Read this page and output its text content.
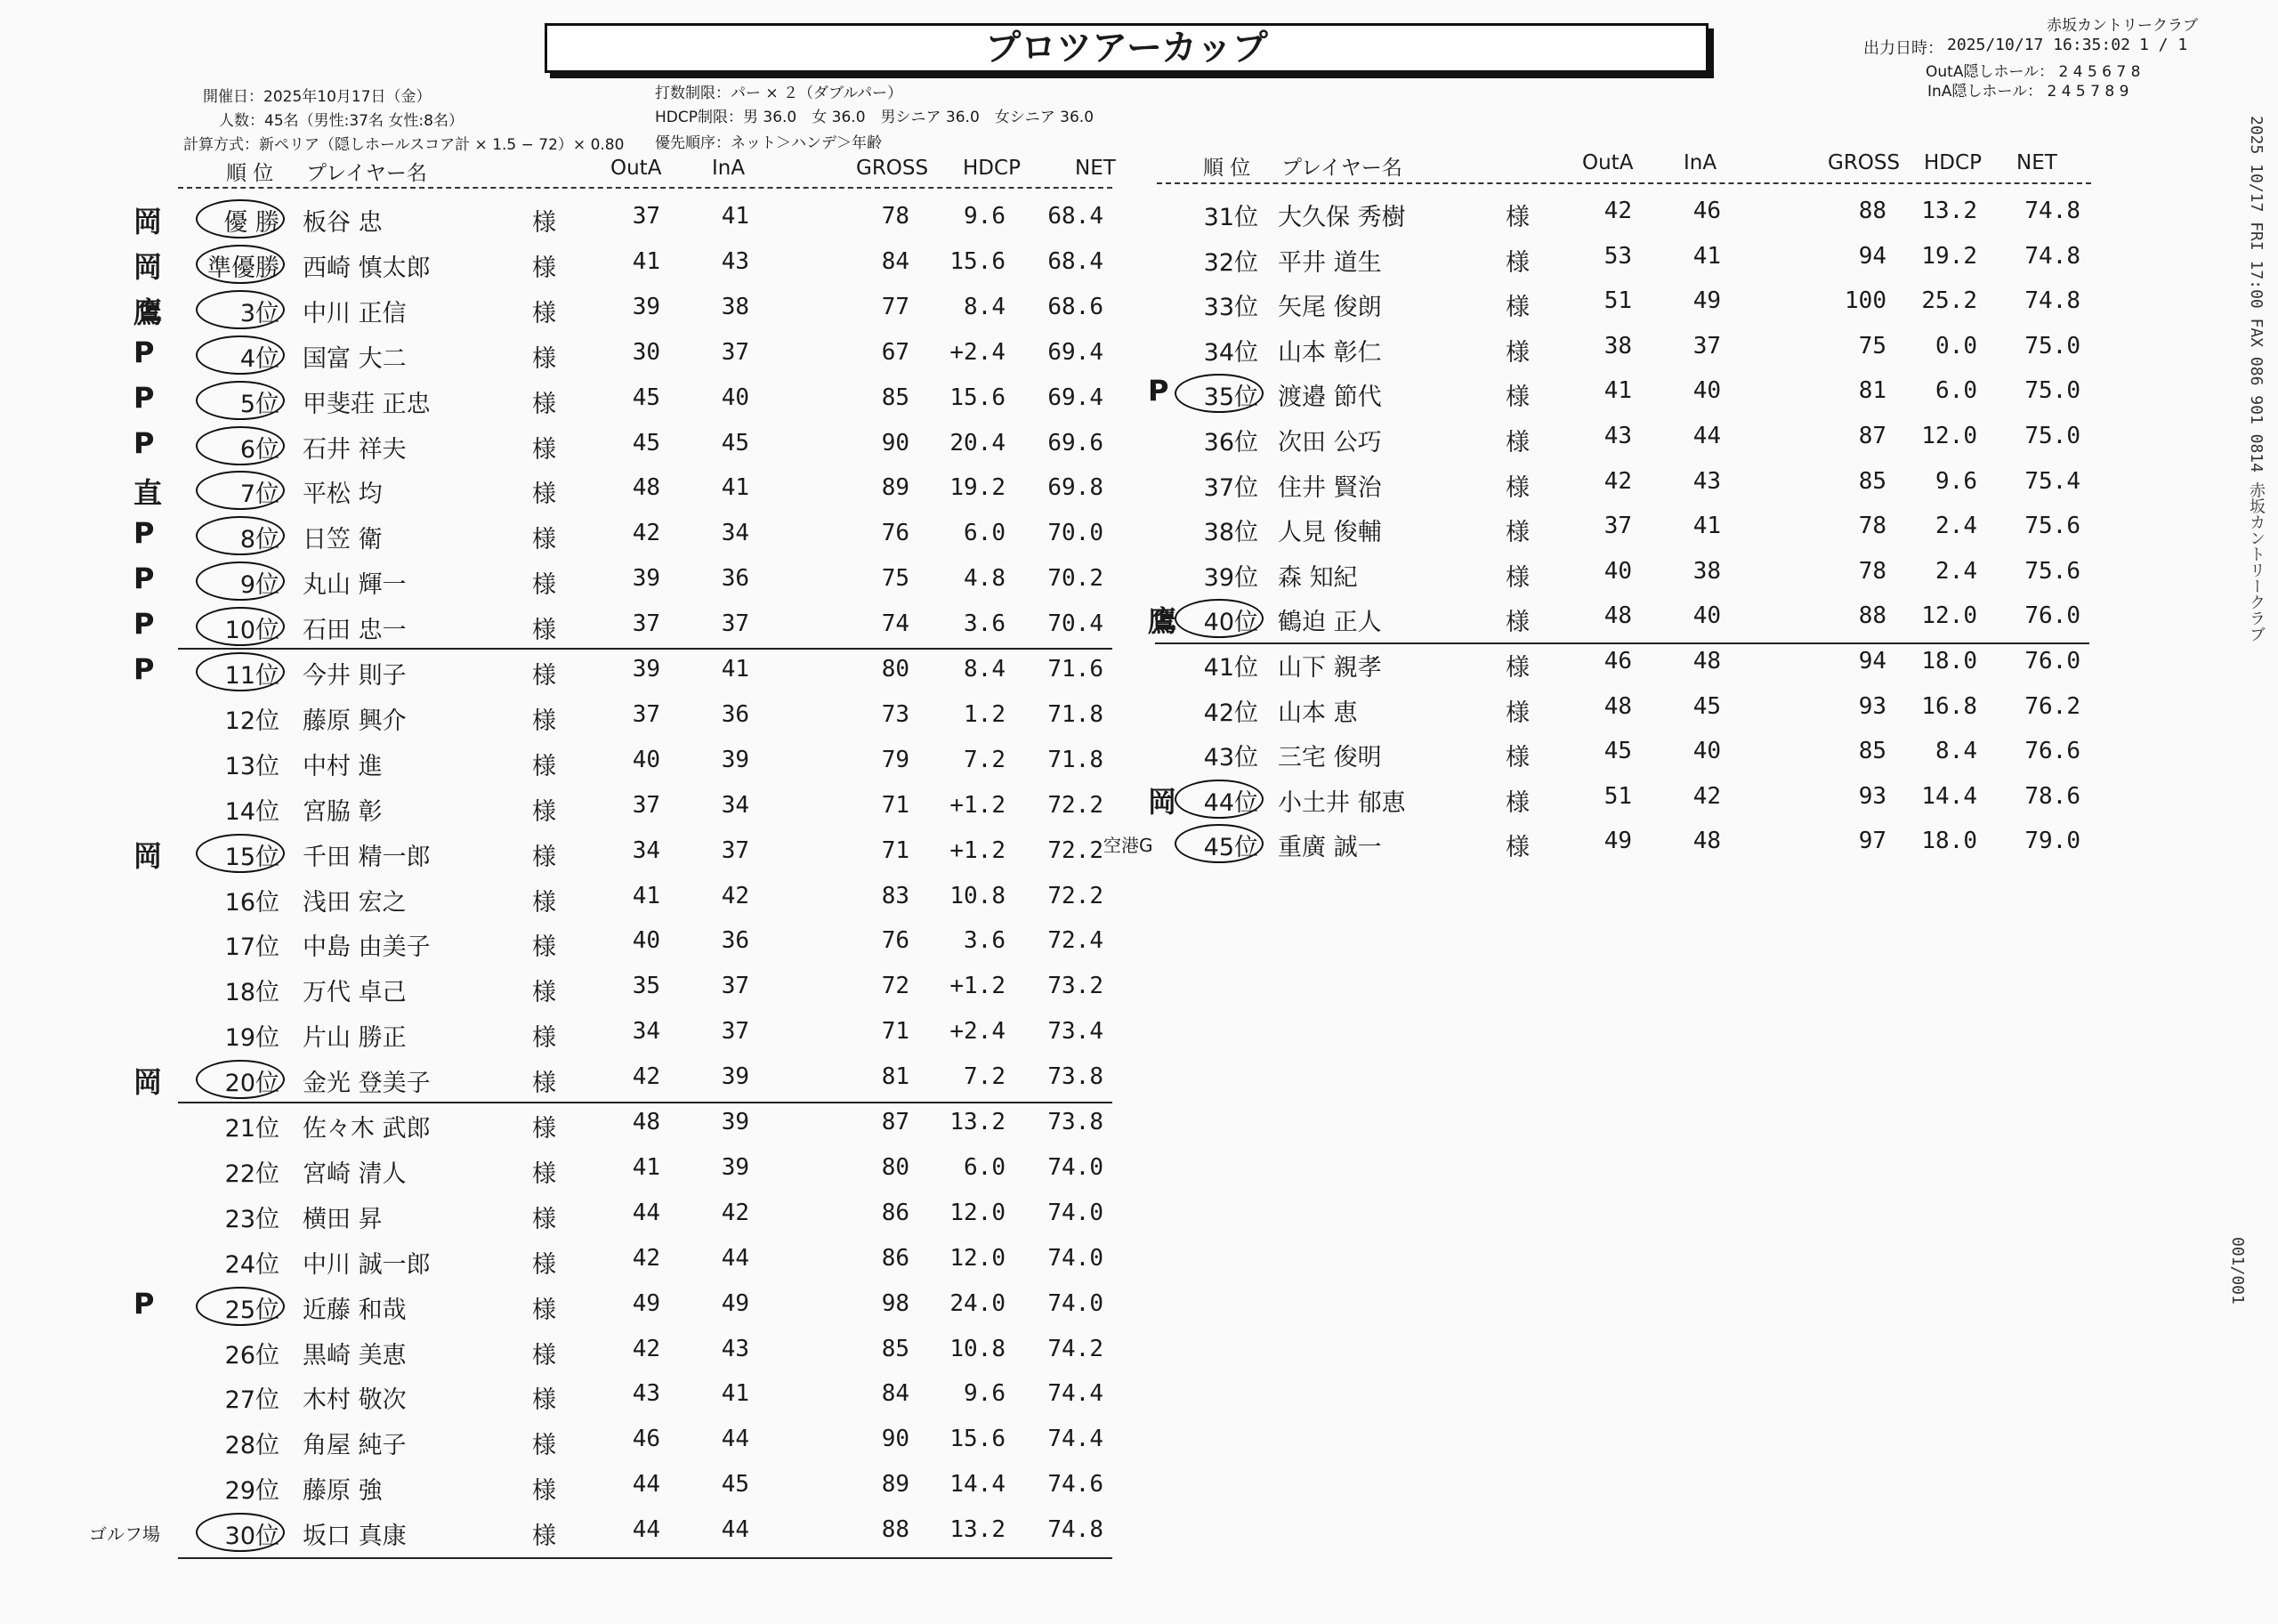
プロツアーカップ
赤坂カントリークラブ
出力日時： 2025/10/17 16:35:02 1 / 1
OutA隠しホール： 2 4 5 6 7 8
InA隠しホール： 2 4 5 7 8 9
開催日：2025年10月17日（金）
人数：45名（男性:37名 女性:8名）
計算方式：新ペリア（隠しホールスコア計 × 1.5 − 72）× 0.80
打数制限：パー × ２（ダブルパー）
HDCP制限：男 36.0　女 36.0　男シニア 36.0　女シニア 36.0
優先順序：ネット＞ハンデ＞年齢
順 位 プレイヤー名	OutA InA	GROSS HDCP	NET	順 位 プレイヤー名	OutA InA	GROSS HDCP NET
岡	優 勝 板谷 忠	様	37	41	78	9.6	68.4
岡	準優勝 西崎 慎太郎	様	41	43	84	15.6	68.4
鷹	3位 中川 正信	様	39	38	77	8.4	68.6
P	4位 国富 大二	様	30	37	67	+2.4	69.4
P	5位 甲斐荘 正忠	様	45	40	85	15.6	69.4
P	6位 石井 祥夫	様	45	45	90	20.4	69.6
直	7位 平松 均	様	48	41	89	19.2	69.8
P	8位 日笠 衛	様	42	34	76	6.0	70.0
P	9位 丸山 輝一	様	39	36	75	4.8	70.2
P	10位 石田 忠一	様	37	37	74	3.6	70.4
P	11位 今井 則子	様	39	41	80	8.4	71.6
12位 藤原 興介	様	37	36	73	1.2	71.8
13位 中村 進	様	40	39	79	7.2	71.8
14位 宮脇 彰	様	37	34	71	+1.2	72.2
岡	15位 千田 精一郎	様	34	37	71	+1.2	72.2
16位 浅田 宏之	様	41	42	83	10.8	72.2
17位 中島 由美子	様	40	36	76	3.6	72.4
18位 万代 卓己	様	35	37	72	+1.2	73.2
19位 片山 勝正	様	34	37	71	+2.4	73.4
岡	20位 金光 登美子	様	42	39	81	7.2	73.8
21位 佐々木 武郎	様	48	39	87	13.2	73.8
22位 宮崎 清人	様	41	39	80	6.0	74.0
23位 横田 昇	様	44	42	86	12.0	74.0
24位 中川 誠一郎	様	42	44	86	12.0	74.0
P	25位 近藤 和哉	様	49	49	98	24.0	74.0
26位 黒崎 美恵	様	42	43	85	10.8	74.2
27位 木村 敬次	様	43	41	84	9.6	74.4
28位 角屋 純子	様	46	44	90	15.6	74.4
29位 藤原 強	様	44	45	89	14.4	74.6
ゴルフ場	30位 坂口 真康	様	44	44	88	13.2	74.8
31位 大久保 秀樹	様	42	46	88	13.2	74.8
32位 平井 道生	様	53	41	94	19.2	74.8
33位 矢尾 俊朗	様	51	49	100	25.2	74.8
34位 山本 彰仁	様	38	37	75	0.0	75.0
P	35位 渡邉 節代	様	41	40	81	6.0	75.0
36位 次田 公巧	様	43	44	87	12.0	75.0
37位 住井 賢治	様	42	43	85	9.6	75.4
38位 人見 俊輔	様	37	41	78	2.4	75.6
39位 森 知紀	様	40	38	78	2.4	75.6
鷹	40位 鶴迫 正人	様	48	40	88	12.0	76.0
41位 山下 親孝	様	46	48	94	18.0	76.0
42位 山本 恵	様	48	45	93	16.8	76.2
43位 三宅 俊明	様	45	40	85	8.4	76.6
岡	44位 小土井 郁恵	様	51	42	93	14.4	78.6
空港G	45位 重廣 誠一	様	49	48	97	18.0	79.0
2025 10/17 FRI 17:00 FAX 086 901 0814 赤坂カントリークラブ
001/001
